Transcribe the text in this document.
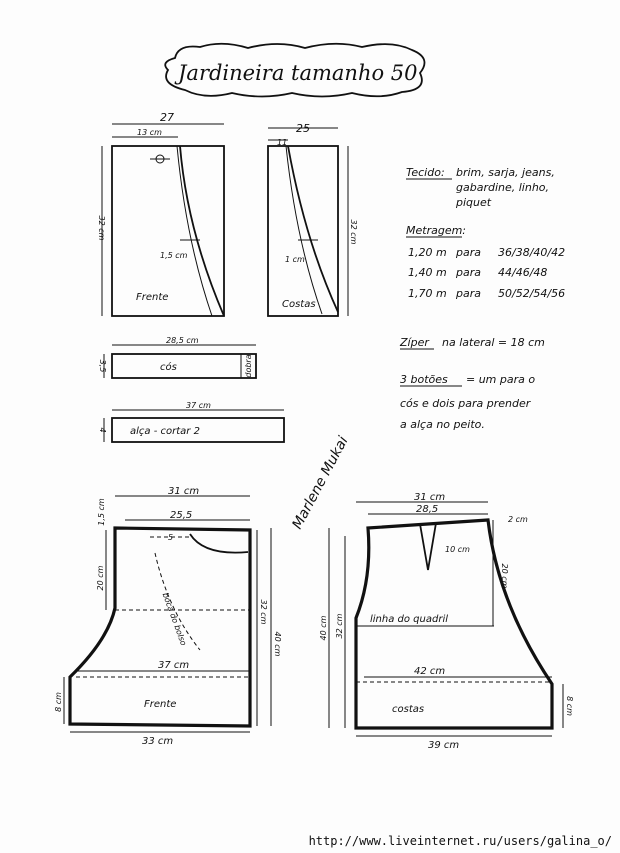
Jardineira tamanho 50
27
13 cm
32 cm
1,5 cm
Frente
25
11
32 cm
1 cm
Costas
28,5 cm
3,5	cós	dobra
37 cm
4 alça - cortar 2
Tecido: brim, sarja, jeans,
gabardine, linho,
piquet
Metragem:
1,20 m para 36/38/40/42
1,40 m para 44/46/48
1,70 m para 50/52/54/56
Zíper na lateral = 18 cm
3 botões = um para o
cós e dois para prender
a alça no peito.
Marlene Mukai
31 cm
25,5
1,5 cm
5
20 cm
boca do bolso	32 cm
40 cm
37 cm
8 cm	Frente
33 cm
31 cm
28,5
2 cm
10 cm
20 cm
40 cm 32 cm	linha do quadril
42 cm
8 cm
costas
39 cm
http://www.liveinternet.ru/users/galina_o/
